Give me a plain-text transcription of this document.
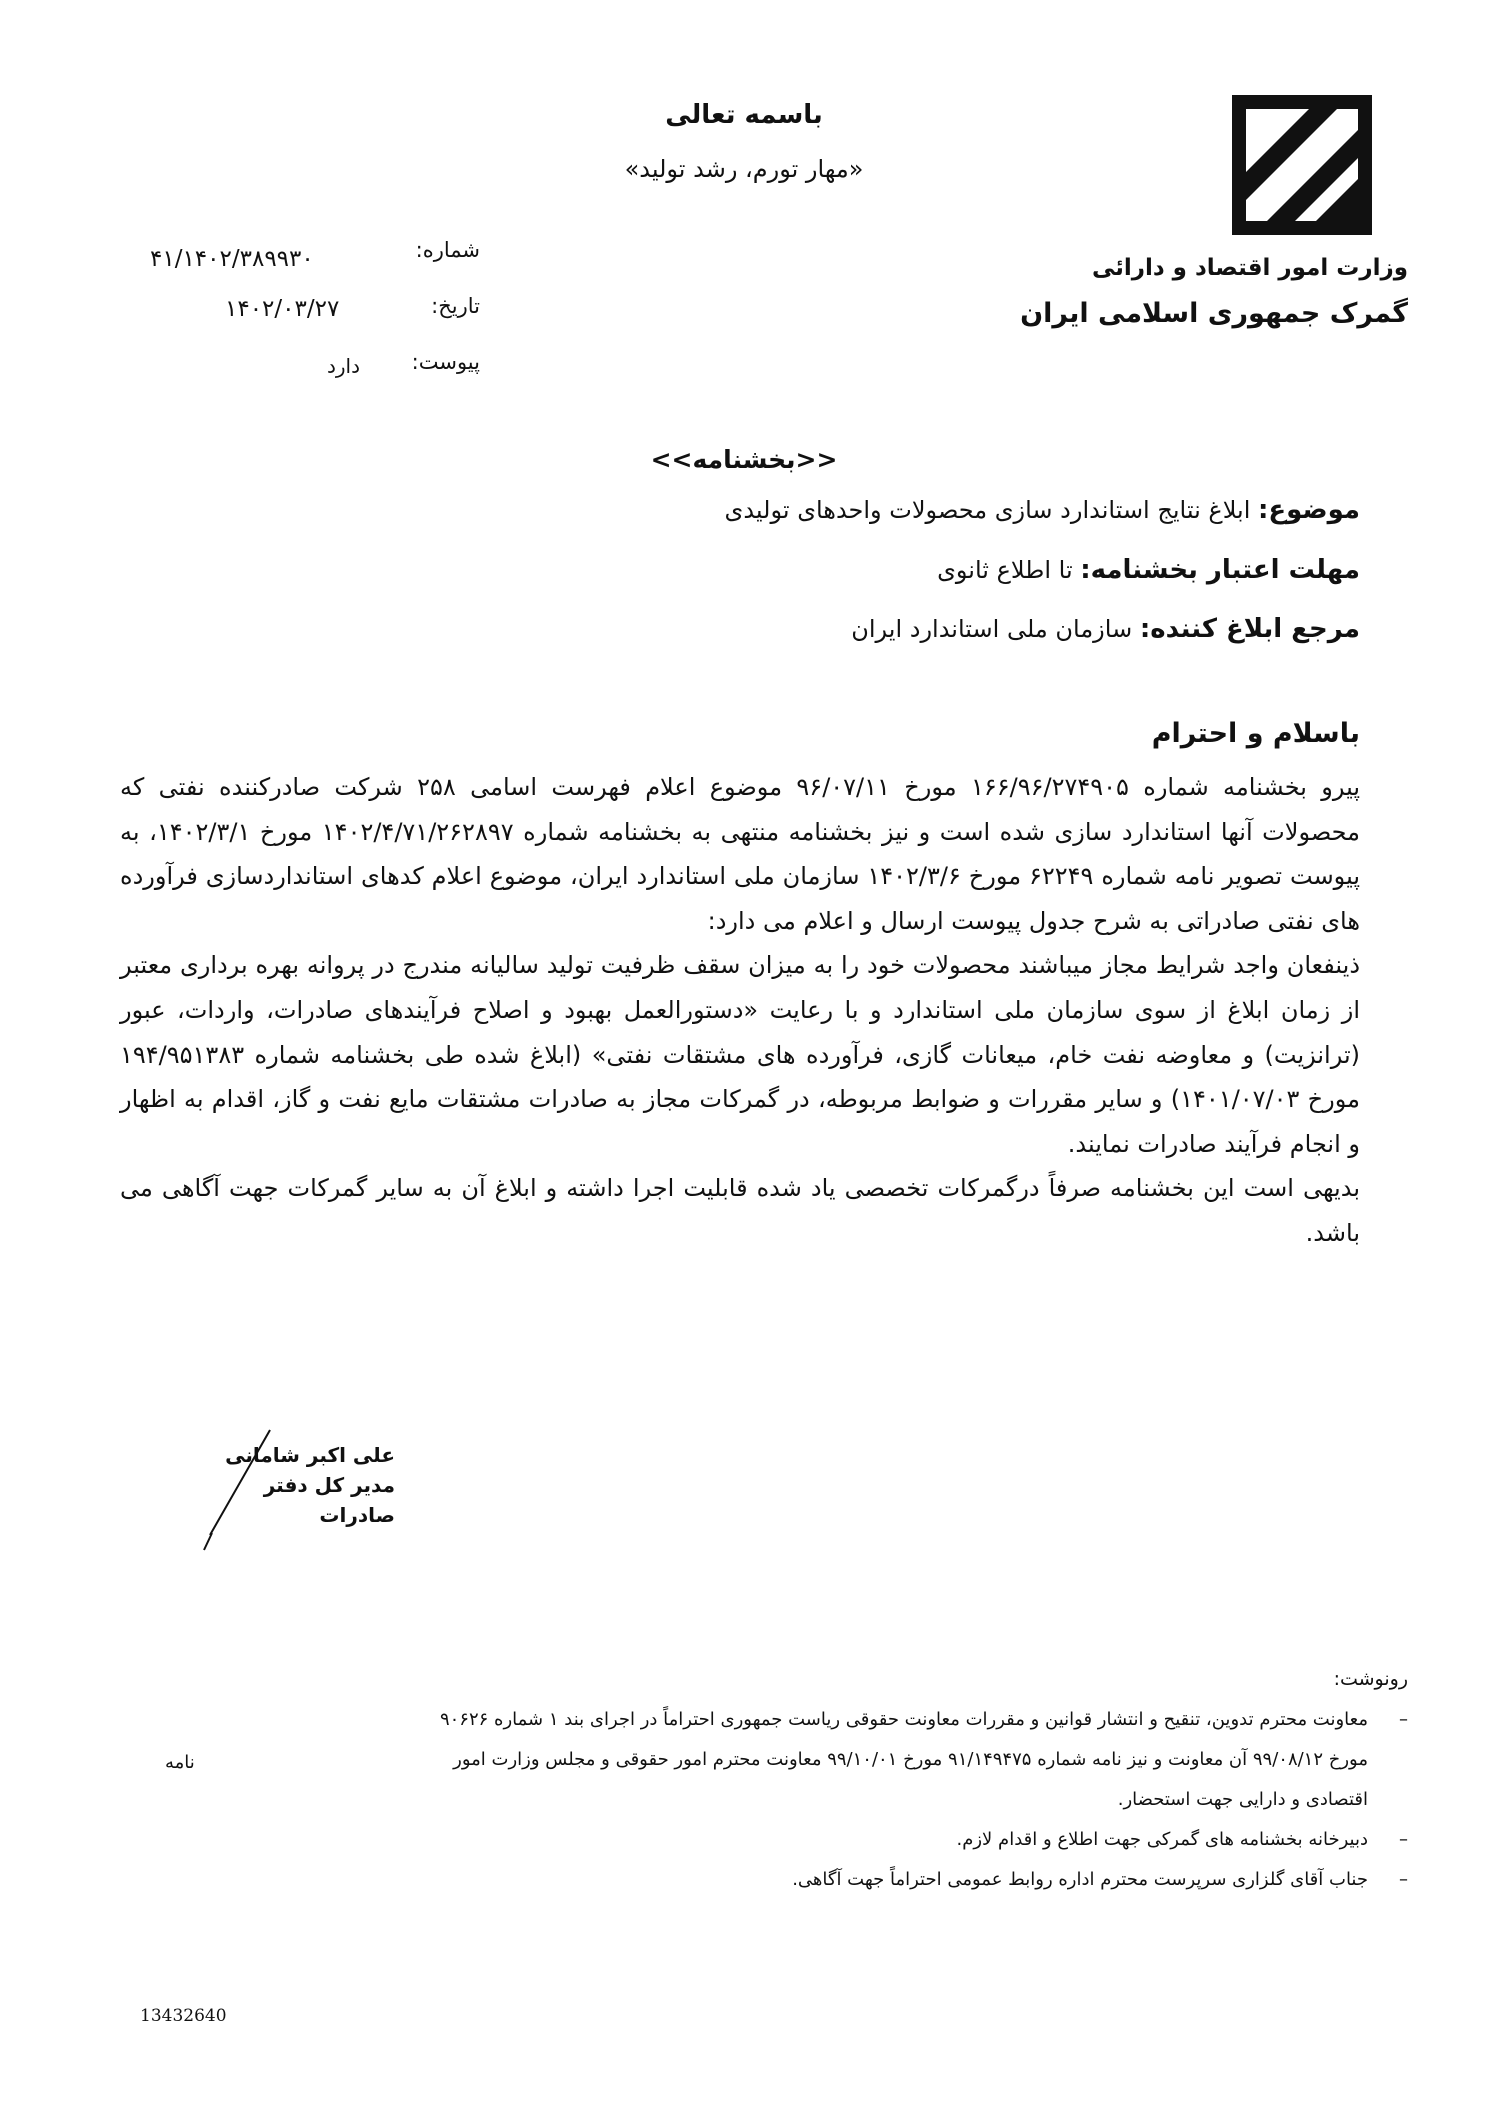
باسمه تعالی
«مهار تورم، رشد تولید»
وزارت امور اقتصاد و دارائی
گمرک جمهوری اسلامی ایران
شماره:
۴۱/۱۴۰۲/۳۸۹۹۳۰
تاریخ:
۱۴۰۲/۰۳/۲۷
پیوست:
دارد
<<بخشنامه>>
موضوع: ابلاغ نتایج استاندارد سازی محصولات واحدهای تولیدی
مهلت اعتبار بخشنامه: تا اطلاع ثانوی
مرجع ابلاغ کننده: سازمان ملی استاندارد ایران
باسلام و احترام

پیرو بخشنامه شماره ۱۶۶/۹۶/۲۷۴۹۰۵ مورخ ۹۶/۰۷/۱۱ موضوع اعلام فهرست اسامی ۲۵۸ شرکت صادرکننده نفتی که محصولات آنها استاندارد سازی شده است و نیز بخشنامه منتهی به بخشنامه شماره ۱۴۰۲/۴/۷۱/۲۶۲۸۹۷ مورخ ۱۴۰۲/۳/۱، به پیوست تصویر نامه شماره ۶۲۲۴۹ مورخ ۱۴۰۲/۳/۶ سازمان ملی استاندارد ایران، موضوع اعلام کدهای استانداردسازی فرآورده های نفتی صادراتی به شرح جدول پیوست ارسال و اعلام می دارد:

ذینفعان واجد شرایط مجاز میباشند محصولات خود را به میزان سقف ظرفیت تولید سالیانه مندرج در پروانه بهره برداری معتبر از زمان ابلاغ از سوی سازمان ملی استاندارد و با رعایت «دستورالعمل بهبود و اصلاح فرآیندهای صادرات، واردات، عبور (ترانزیت) و معاوضه نفت خام، میعانات گازی، فرآورده های مشتقات نفتی» (ابلاغ شده طی بخشنامه شماره ۱۹۴/۹۵۱۳۸۳ مورخ ۱۴۰۱/۰۷/۰۳) و سایر مقررات و ضوابط مربوطه، در گمرکات مجاز به صادرات مشتقات مایع نفت و گاز، اقدام به اظهار و انجام فرآیند صادرات نمایند.

بدیهی است این بخشنامه صرفاً درگمرکات تخصصی یاد شده قابلیت اجرا داشته و ابلاغ آن به سایر گمرکات جهت آگاهی می باشد.

علی اکبر شامانی
مدیر کل دفتر صادرات
رونوشت:
– معاونت محترم تدوین، تنقیح و انتشار قوانین و مقررات معاونت حقوقی ریاست جمهوری احتراماً در اجرای بند ۱ شماره ۹۰۶۲۶ مورخ ۹۹/۰۸/۱۲ آن معاونت و نیز نامه شماره ۹۱/۱۴۹۴۷۵ مورخ ۹۹/۱۰/۰۱ معاونت محترم امور حقوقی و مجلس وزارت امور اقتصادی و دارایی جهت استحضار.
– دبیرخانه بخشنامه های گمرکی جهت اطلاع و اقدام لازم.
– جناب آقای گلزاری سرپرست محترم اداره روابط عمومی احتراماً جهت آگاهی.
نامه
13432640
